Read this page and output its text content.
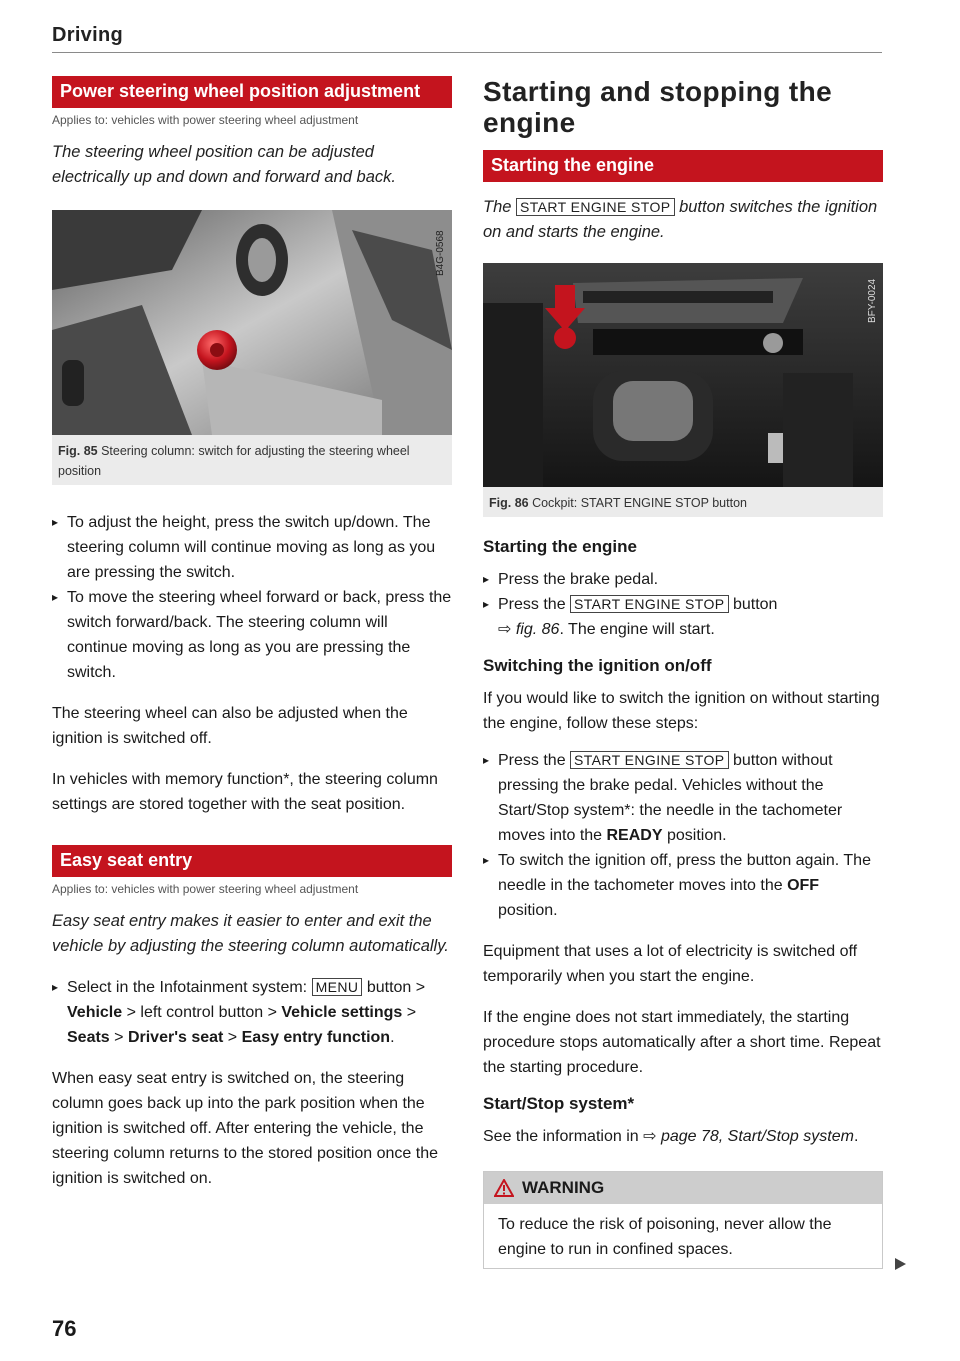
Driving
Power steering wheel position adjustment
Applies to: vehicles with power steering wheel adjustment

The steering wheel position can be adjusted electrically up and down and forward and back.

B4G-0568
Fig. 85 Steering column: switch for adjusting the steering wheel position
▸ To adjust the height, press the switch up/down. The steering column will continue moving as long as you are pressing the switch.
▸ To move the steering wheel forward or back, press the switch forward/back. The steering column will continue moving as long as you are pressing the switch.

The steering wheel can also be adjusted when the ignition is switched off.

In vehicles with memory function*, the steering column settings are stored together with the seat position.

Easy seat entry
Applies to: vehicles with power steering wheel adjustment

Easy seat entry makes it easier to enter and exit the vehicle by adjusting the steering column automatically.

▸ Select in the Infotainment system: MENU button > Vehicle > left control button > Vehicle settings > Seats > Driver's seat > Easy entry function.

When easy seat entry is switched on, the steering column goes back up into the park position when the ignition is switched off. After entering the vehicle, the steering column returns to the stored position once the ignition is switched on.

Starting and stopping the engine
Starting the engine

The START ENGINE STOP button switches the ignition on and starts the engine.

BFY-0024
Fig. 86 Cockpit: START ENGINE STOP button

Starting the engine

▸ Press the brake pedal.
▸ Press the START ENGINE STOP button
⇨ fig. 86. The engine will start.

Switching the ignition on/off

If you would like to switch the ignition on without starting the engine, follow these steps:

▸ Press the START ENGINE STOP button without pressing the brake pedal. Vehicles without the Start/Stop system*: the needle in the tachometer moves into the READY position.
▸ To switch the ignition off, press the button again. The needle in the tachometer moves into the OFF position.

Equipment that uses a lot of electricity is switched off temporarily when you start the engine.

If the engine does not start immediately, the starting procedure stops automatically after a short time. Repeat the starting procedure.

Start/Stop system*

See the information in ⇨ page 78, Start/Stop system.

WARNING
To reduce the risk of poisoning, never allow the engine to run in confined spaces.
76
